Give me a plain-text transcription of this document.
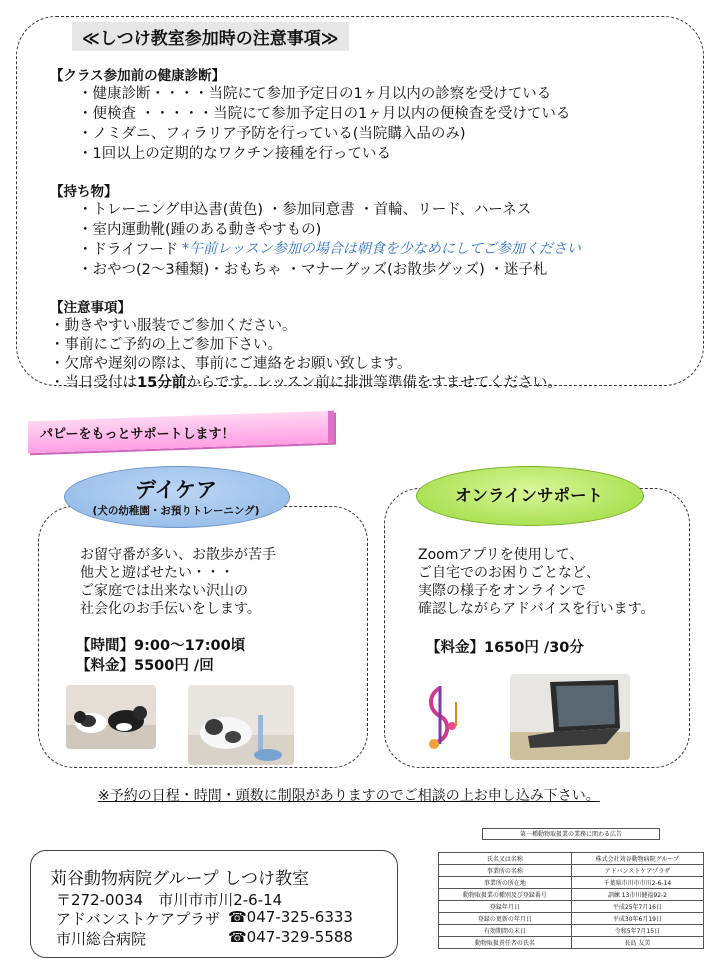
≪しつけ教室参加時の注意事項≫
【クラス参加前の健康診断】
・健康診断・・・・当院にて参加予定日の1ヶ月以内の診察を受けている
・便検査 ・・・・・当院にて参加予定日の1ヶ月以内の便検査を受けている
・ノミダニ、フィラリア予防を行っている(当院購入品のみ)
・1回以上の定期的なワクチン接種を行っている
【持ち物】
・トレーニング申込書(黄色) ・参加同意書 ・首輪、リード、ハーネス
・室内運動靴(踵のある動きやすもの)
・ドライフード *午前レッスン参加の場合は朝食を少なめにしてご参加ください
・おやつ(2～3種類)・おもちゃ ・マナーグッズ(お散歩グッズ) ・迷子札
【注意事項】
・動きやすい服装でご参加ください。
・事前にご予約の上ご参加下さい。
・欠席や遅刻の際は、事前にご連絡をお願い致します。
・当日受付は15分前からです。レッスン前に排泄等準備をすませてください。
パピーをもっとサポートします！
デイケア
(犬の幼稚園・お預りトレーニング)
お留守番が多い、お散歩が苦手
他犬と遊ばせたい・・・
ご家庭では出来ない沢山の
社会化のお手伝いをします。
【時間】9:00～17:00頃
【料金】5500円 /回
オンラインサポート
Zoomアプリを使用して、
ご自宅でのお困りごとなど、
実際の様子をオンラインで
確認しながらアドバイスを行います。
【料金】1650円 /30分
※予約の日程・時間・頭数に制限がありますのでご相談の上お申し込み下さい。
苅谷動物病院グループ しつけ教室
〒272-0034　市川市市川2-6-14
アドバンストケアプラザ ☎047-325-6333
市川総合病院	☎047-329-5588
第一種動物取扱業の業務に関わる広告
氏名又は名称	株式会社苅谷動物病院グループ
事業所の名称	アドバンストケアプラザ
事業所の所在地	千葉県市川市市川2-6-14
動物取扱業の種別及び登録番号	訓練 13市川健福92-2
登録年月日	平成25年7月16日
登録の更新の年月日	平成30年6月19日
有効期間の末日	令和5年7月15日
動物取扱責任者の氏名	長島 友美
